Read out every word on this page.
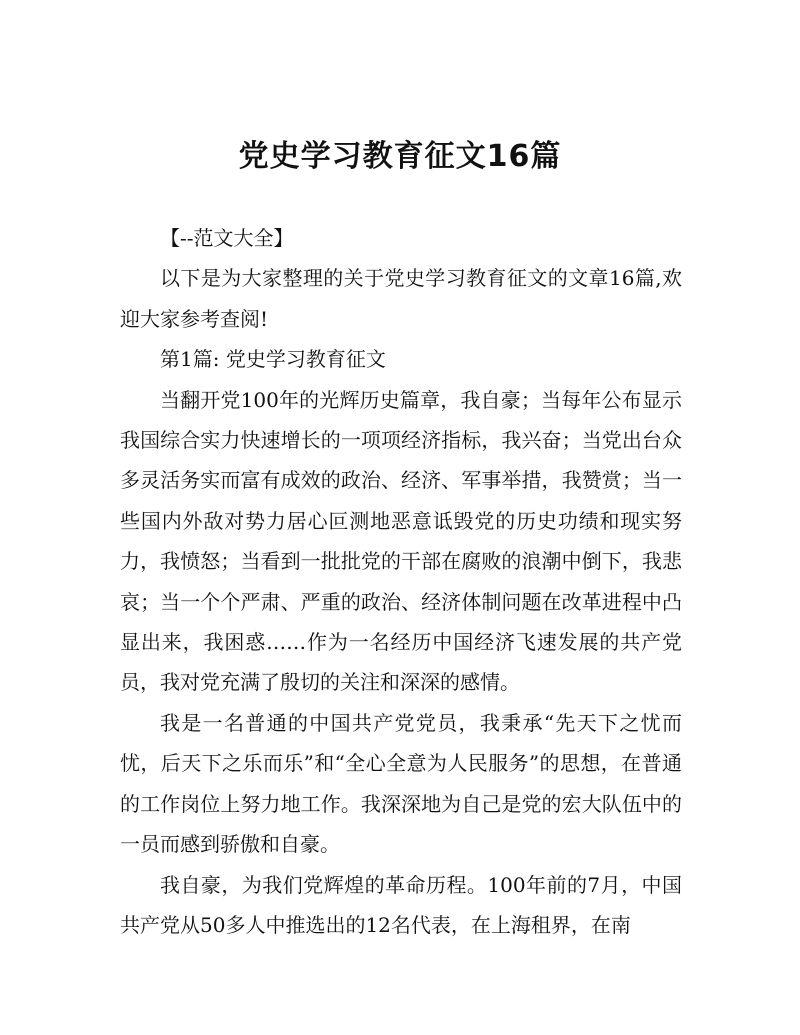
党史学习教育征文16篇

【--范文大全】

以下是为大家整理的关于党史学习教育征文的文章16篇,欢迎大家参考查阅!

第1篇: 党史学习教育征文

当翻开党100年的光辉历史篇章，我自豪；当每年公布显示我国综合实力快速增长的一项项经济指标，我兴奋；当党出台众多灵活务实而富有成效的政治、经济、军事举措，我赞赏；当一些国内外敌对势力居心叵测地恶意诋毁党的历史功绩和现实努力，我愤怒；当看到一批批党的干部在腐败的浪潮中倒下，我悲哀；当一个个严肃、严重的政治、经济体制问题在改革进程中凸显出来，我困惑……作为一名经历中国经济飞速发展的共产党员，我对党充满了殷切的关注和深深的感情。

我是一名普通的中国共产党党员，我秉承“先天下之忧而忧，后天下之乐而乐”和“全心全意为人民服务”的思想，在普通的工作岗位上努力地工作。我深深地为自己是党的宏大队伍中的一员而感到骄傲和自豪。

我自豪，为我们党辉煌的革命历程。100年前的7月，中国共产党从50多人中推选出的12名代表，在上海租界，在南
